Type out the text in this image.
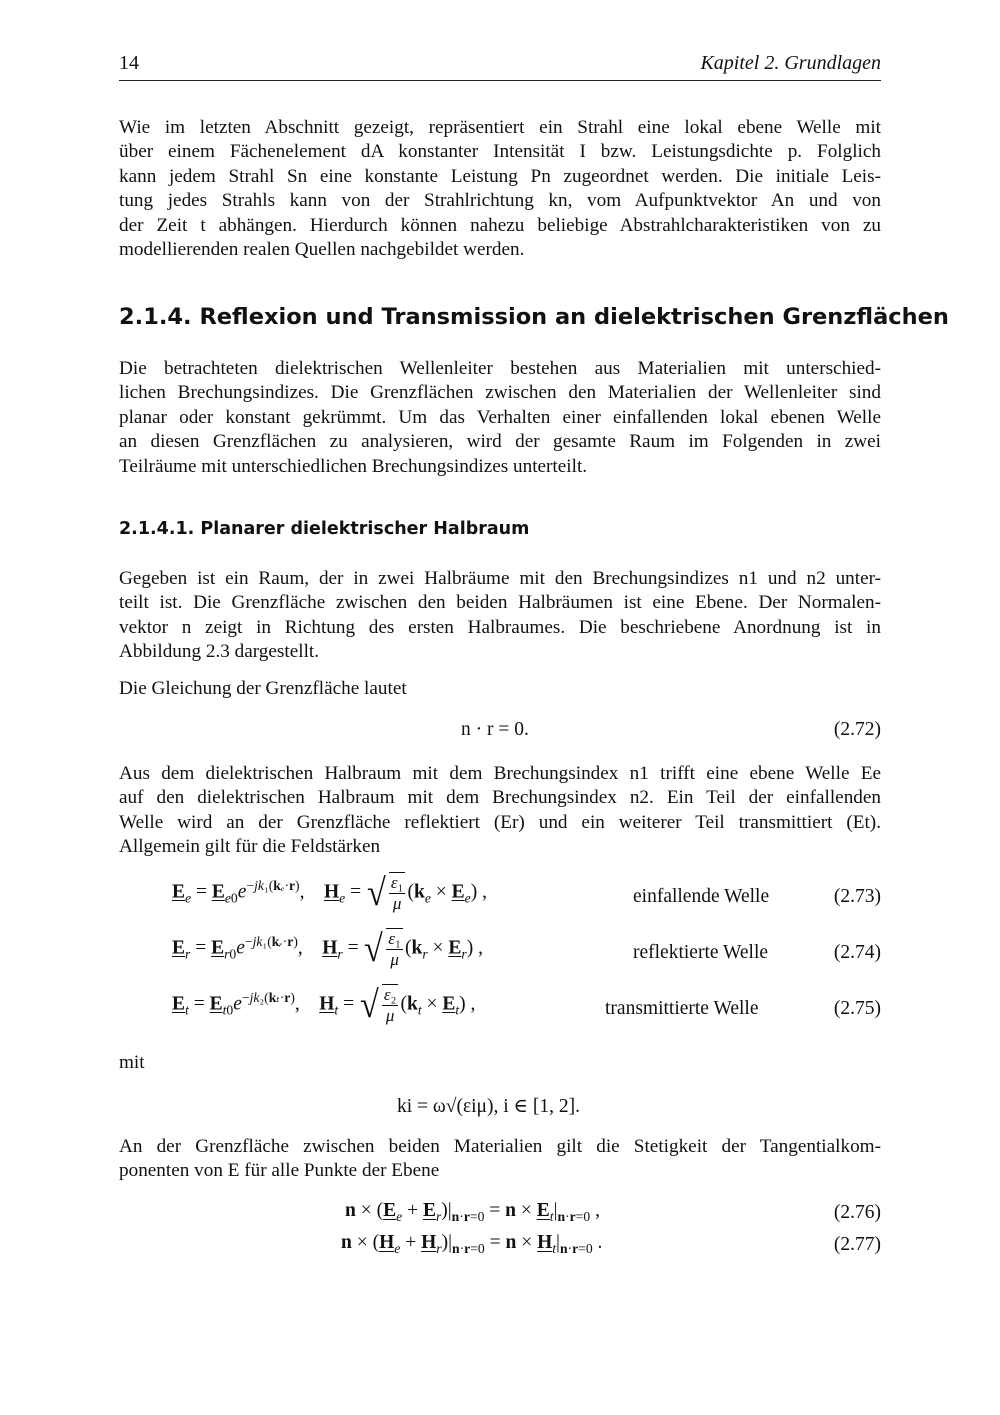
14	Kapitel 2. Grundlagen
Wie im letzten Abschnitt gezeigt, repräsentiert ein Strahl eine lokal ebene Welle mit
über einem Fächenelement dA konstanter Intensität I bzw. Leistungsdichte p. Folglich
kann jedem Strahl Sn eine konstante Leistung Pn zugeordnet werden. Die initiale Leis-
tung jedes Strahls kann von der Strahlrichtung kn, vom Aufpunktvektor An und von
der Zeit t abhängen. Hierdurch können nahezu beliebige Abstrahlcharakteristiken von zu
modellierenden realen Quellen nachgebildet werden.
2.1.4. Reflexion und Transmission an dielektrischen Grenzflächen
Die betrachteten dielektrischen Wellenleiter bestehen aus Materialien mit unterschied-
lichen Brechungsindizes. Die Grenzflächen zwischen den Materialien der Wellenleiter sind
planar oder konstant gekrümmt. Um das Verhalten einer einfallenden lokal ebenen Welle
an diesen Grenzflächen zu analysieren, wird der gesamte Raum im Folgenden in zwei
Teilräume mit unterschiedlichen Brechungsindizes unterteilt.
2.1.4.1. Planarer dielektrischer Halbraum
Gegeben ist ein Raum, der in zwei Halbräume mit den Brechungsindizes n1 und n2 unter-
teilt ist. Die Grenzfläche zwischen den beiden Halbräumen ist eine Ebene. Der Normalen-
vektor n zeigt in Richtung des ersten Halbraumes. Die beschriebene Anordnung ist in
Abbildung 2.3 dargestellt.
Die Gleichung der Grenzfläche lautet
n · r = 0.	(2.72)
Aus dem dielektrischen Halbraum mit dem Brechungsindex n1 trifft eine ebene Welle Ee
auf den dielektrischen Halbraum mit dem Brechungsindex n2. Ein Teil der einfallenden
Welle wird an der Grenzfläche reflektiert (Er) und ein weiterer Teil transmittiert (Et).
Allgemein gilt für die Feldstärken
$E_e = E_{e0}e^{-jk_1(k_e\cdot r)}$,    $H_e$ = √ $\frac{\text{ε₁}}{\mu} (k_e \times E_e)$ ,	einfallende Welle	(2.73)
$E_r = E_{r0}e^{-jk_1(kᵣ\cdot r)}$,    $H_r$ = √ $\frac{\text{ε₁}}{\mu} (k_r \times E_r)$ ,	reflektierte Welle	(2.74)
$E_t = E_{t0}e^{-jk_2(k_t\cdot r)}$,    $H_t$ = √ $\frac{\text{ε₂}}{\mu} (k_t \times E_t)$ ,	transmittierte Welle	(2.75)
mit
ki = ω√(εiμ), i ∈ [1, 2].
An der Grenzfläche zwischen beiden Materialien gilt die Stetigkeit der Tangentialkom-
ponenten von E für alle Punkte der Ebene
$n \times (E_e + E_r)|_{n\cdot r=0} = n \times E_t|_{n\cdot r=0}$ ,	(2.76)
$n \times (H_e + H_r)|_{n\cdot r=0} = n \times H_t|_{n\cdot r=0}$ .	(2.77)
